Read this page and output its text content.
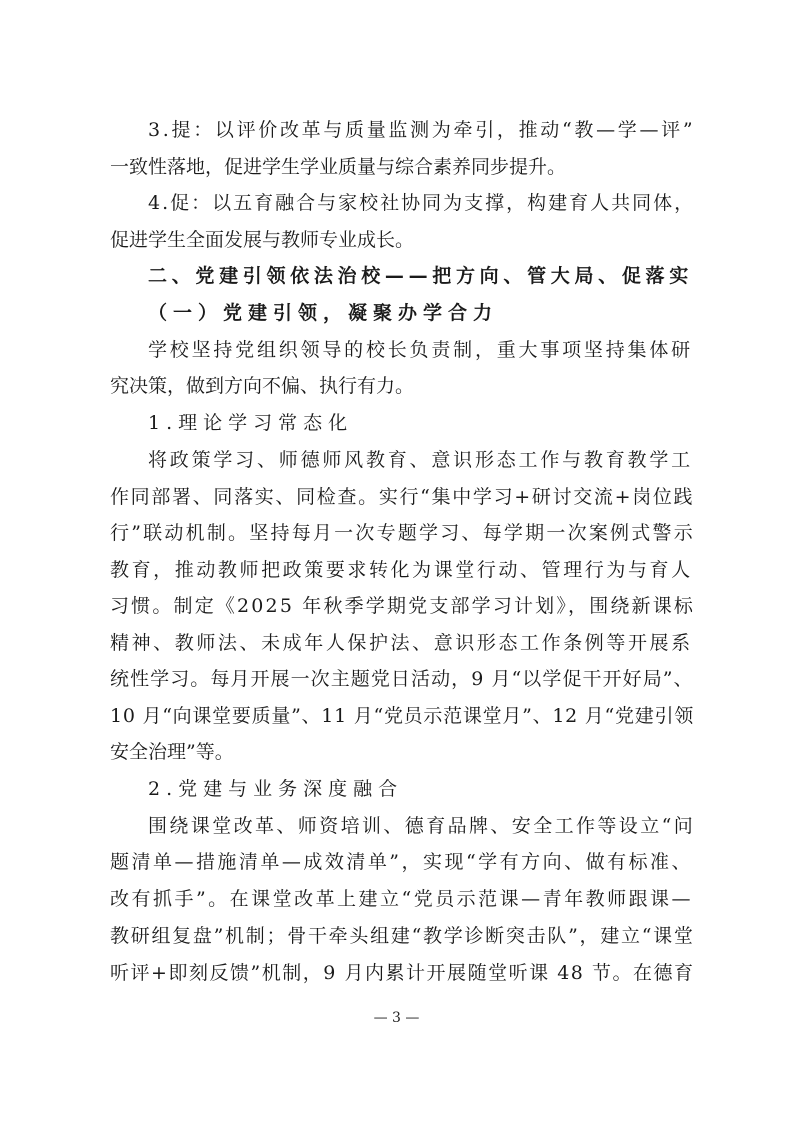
3.提：以评价改革与质量监测为牵引，推动“教—学—评”
一致性落地，促进学生学业质量与综合素养同步提升。
4.促：以五育融合与家校社协同为支撑，构建育人共同体，
促进学生全面发展与教师专业成长。
二、党建引领依法治校——把方向、管大局、促落实
（一）党建引领，凝聚办学合力
学校坚持党组织领导的校长负责制，重大事项坚持集体研
究决策，做到方向不偏、执行有力。
1.理论学习常态化
将政策学习、师德师风教育、意识形态工作与教育教学工
作同部署、同落实、同检查。实行“集中学习+研讨交流+岗位践
行”联动机制。坚持每月一次专题学习、每学期一次案例式警示
教育，推动教师把政策要求转化为课堂行动、管理行为与育人
习惯。制定《2025 年秋季学期党支部学习计划》，围绕新课标
精神、教师法、未成年人保护法、意识形态工作条例等开展系
统性学习。每月开展一次主题党日活动，9 月“以学促干开好局”、
10 月“向课堂要质量”、11 月“党员示范课堂月”、12 月“党建引领
安全治理”等。
2.党建与业务深度融合
围绕课堂改革、师资培训、德育品牌、安全工作等设立“问
题清单—措施清单—成效清单”，实现“学有方向、做有标准、
改有抓手”。在课堂改革上建立“党员示范课—青年教师跟课—
教研组复盘”机制；骨干牵头组建“教学诊断突击队”，建立“课堂
听评+即刻反馈”机制，9 月内累计开展随堂听课 48 节。在德育
— 3 —
